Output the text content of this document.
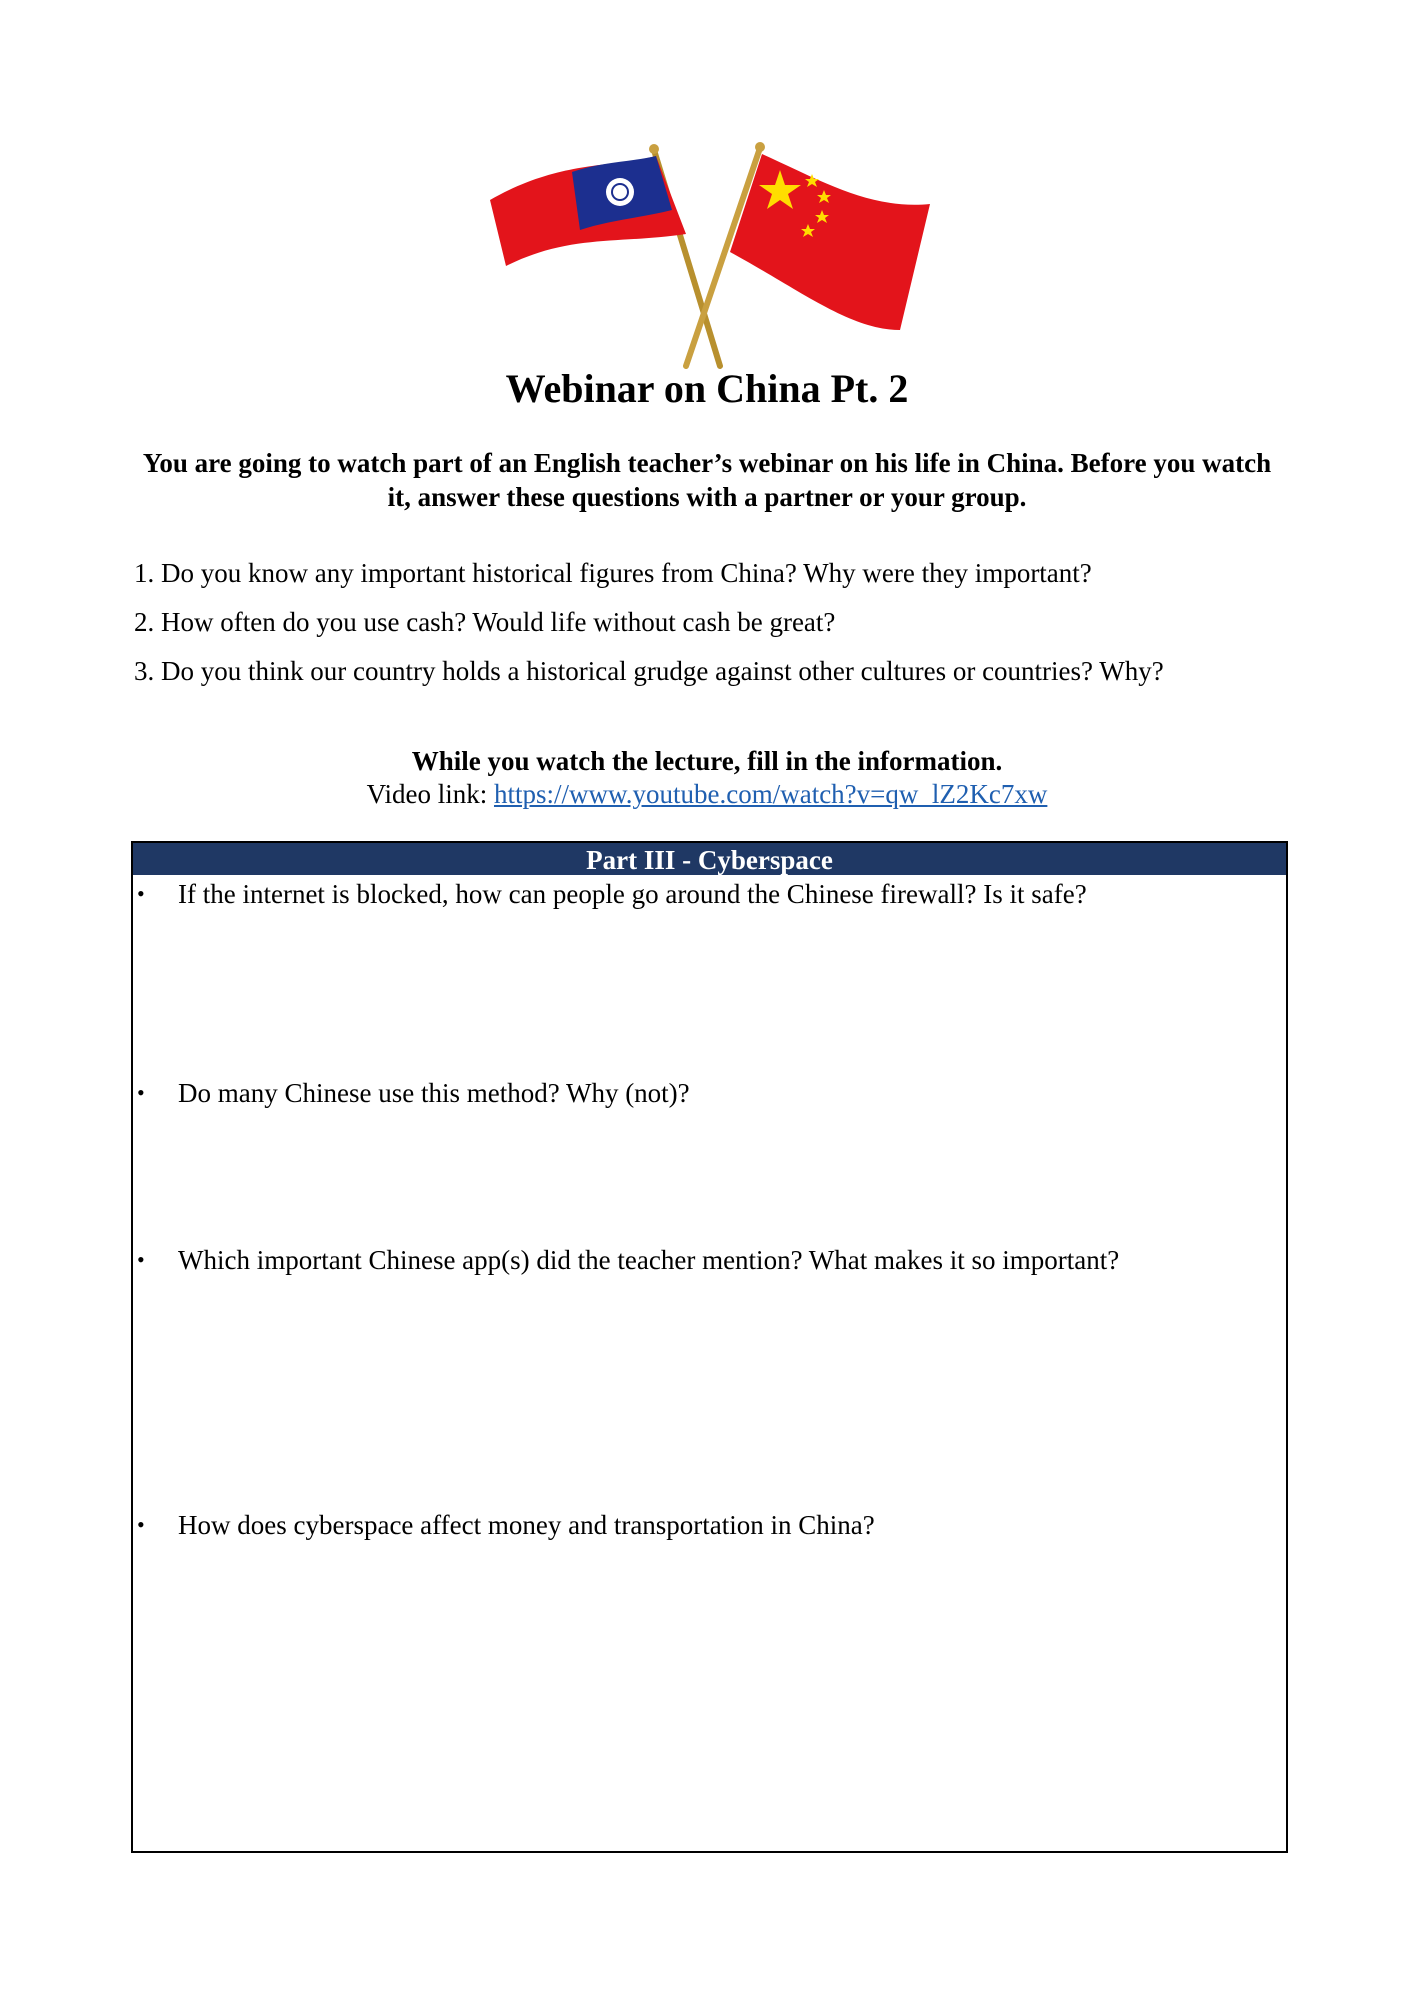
Webinar on China Pt. 2
You are going to watch part of an English teacher’s webinar on his life in China. Before you watch it, answer these questions with a partner or your group.
1. Do you know any important historical figures from China? Why were they important?
2. How often do you use cash? Would life without cash be great?
3. Do you think our country holds a historical grudge against other cultures or countries? Why?
While you watch the lecture, fill in the information.
Video link: https://www.youtube.com/watch?v=qw_lZ2Kc7xw
Part III - Cyberspace
• If the internet is blocked, how can people go around the Chinese firewall? Is it safe?
• Do many Chinese use this method? Why (not)?
• Which important Chinese app(s) did the teacher mention? What makes it so important?
• How does cyberspace affect money and transportation in China?
